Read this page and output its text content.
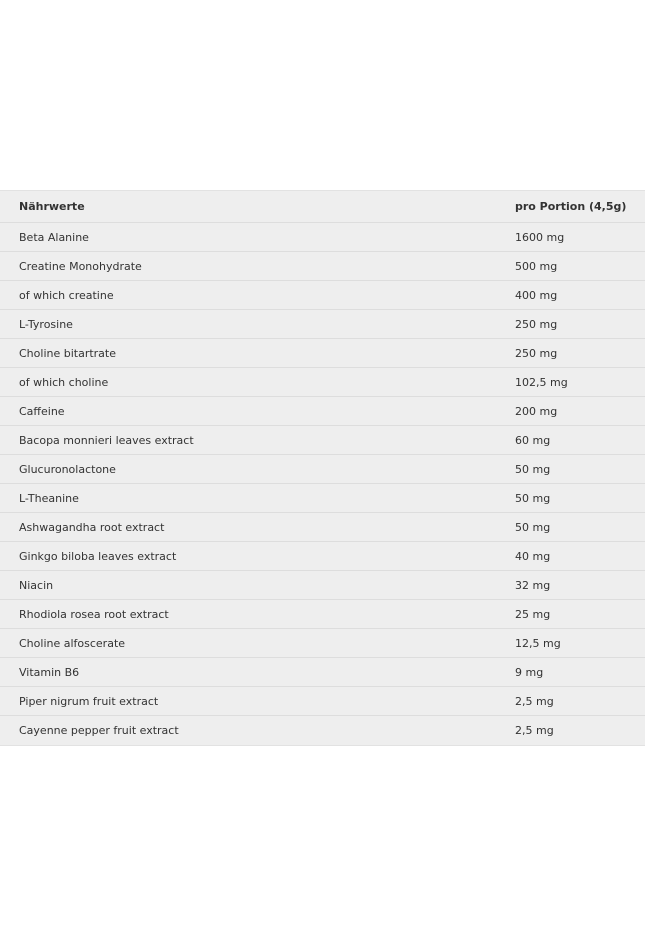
Nährwerte	pro Portion (4,5g)
Beta Alanine	1600 mg
Creatine Monohydrate	500 mg
of which creatine	400 mg
L-Tyrosine	250 mg
Choline bitartrate	250 mg
of which choline	102,5 mg
Caffeine	200 mg
Bacopa monnieri leaves extract	60 mg
Glucuronolactone	50 mg
L-Theanine	50 mg
Ashwagandha root extract	50 mg
Ginkgo biloba leaves extract	40 mg
Niacin	32 mg
Rhodiola rosea root extract	25 mg
Choline alfoscerate	12,5 mg
Vitamin B6	9 mg
Piper nigrum fruit extract	2,5 mg
Cayenne pepper fruit extract	2,5 mg
